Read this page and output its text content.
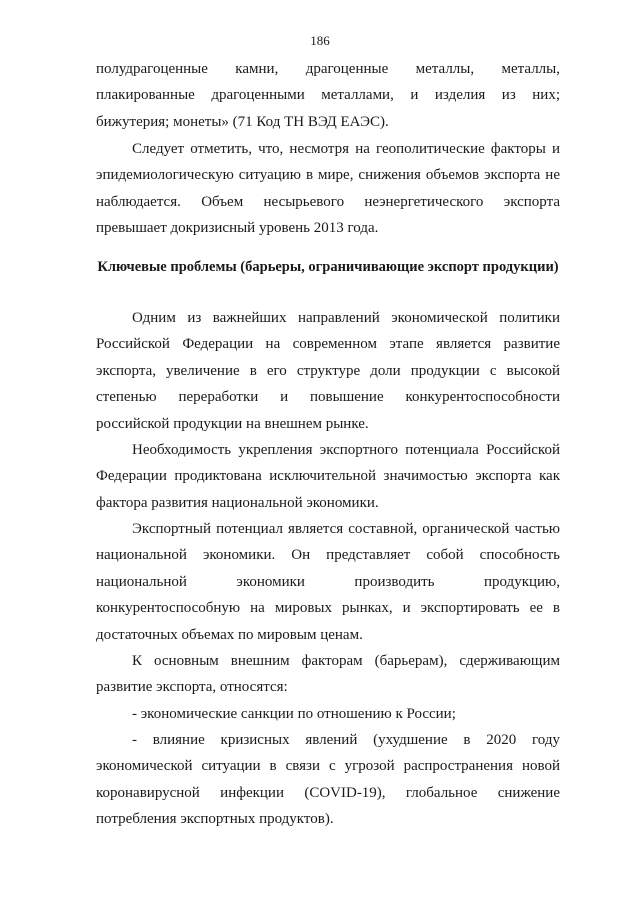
186

полудрагоценные камни, драгоценные металлы, металлы, плакированные драгоценными металлами, и изделия из них; бижутерия; монеты» (71 Код ТН ВЭД ЕАЭС).

Следует отметить, что, несмотря на геополитические факторы и эпидемиологическую ситуацию в мире, снижения объемов экспорта не наблюдается. Объем несырьевого неэнергетического экспорта превышает докризисный уровень 2013 года.

Ключевые проблемы (барьеры, ограничивающие экспорт продукции)

Одним из важнейших направлений экономической политики Российской Федерации на современном этапе является развитие экспорта, увеличение в его структуре доли продукции с высокой степенью переработки и повышение конкурентоспособности российской продукции на внешнем рынке.

Необходимость укрепления экспортного потенциала Российской Федерации продиктована исключительной значимостью экспорта как фактора развития национальной экономики.

Экспортный потенциал является составной, органической частью национальной экономики. Он представляет собой способность национальной экономики производить продукцию, конкурентоспособную на мировых рынках, и экспортировать ее в достаточных объемах по мировым ценам.

К основным внешним факторам (барьерам), сдерживающим развитие экспорта, относятся:

- экономические санкции по отношению к России;

- влияние кризисных явлений (ухудшение в 2020 году экономической ситуации в связи с угрозой распространения новой коронавирусной инфекции (COVID-19), глобальное снижение потребления экспортных продуктов).
